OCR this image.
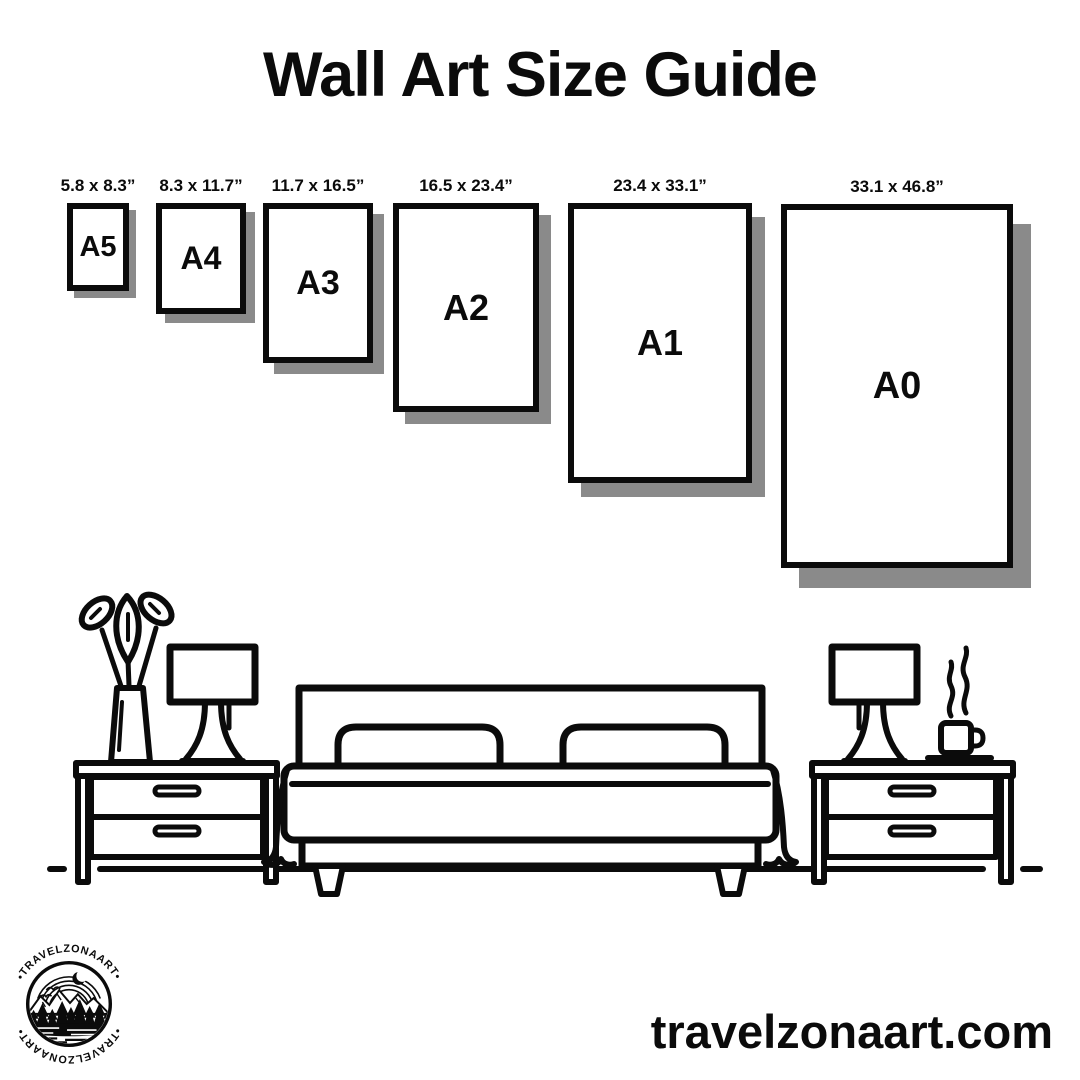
Wall Art Size Guide
5.8 x 8.3”
A5
8.3 x 11.7”
A4
11.7 x 16.5”
A3
16.5 x 23.4”
A2
23.4 x 33.1”
A1
33.1 x 46.8”
A0
•TRAVELZONAART•
•TRAVELZONAART•	travelzonaart.com
